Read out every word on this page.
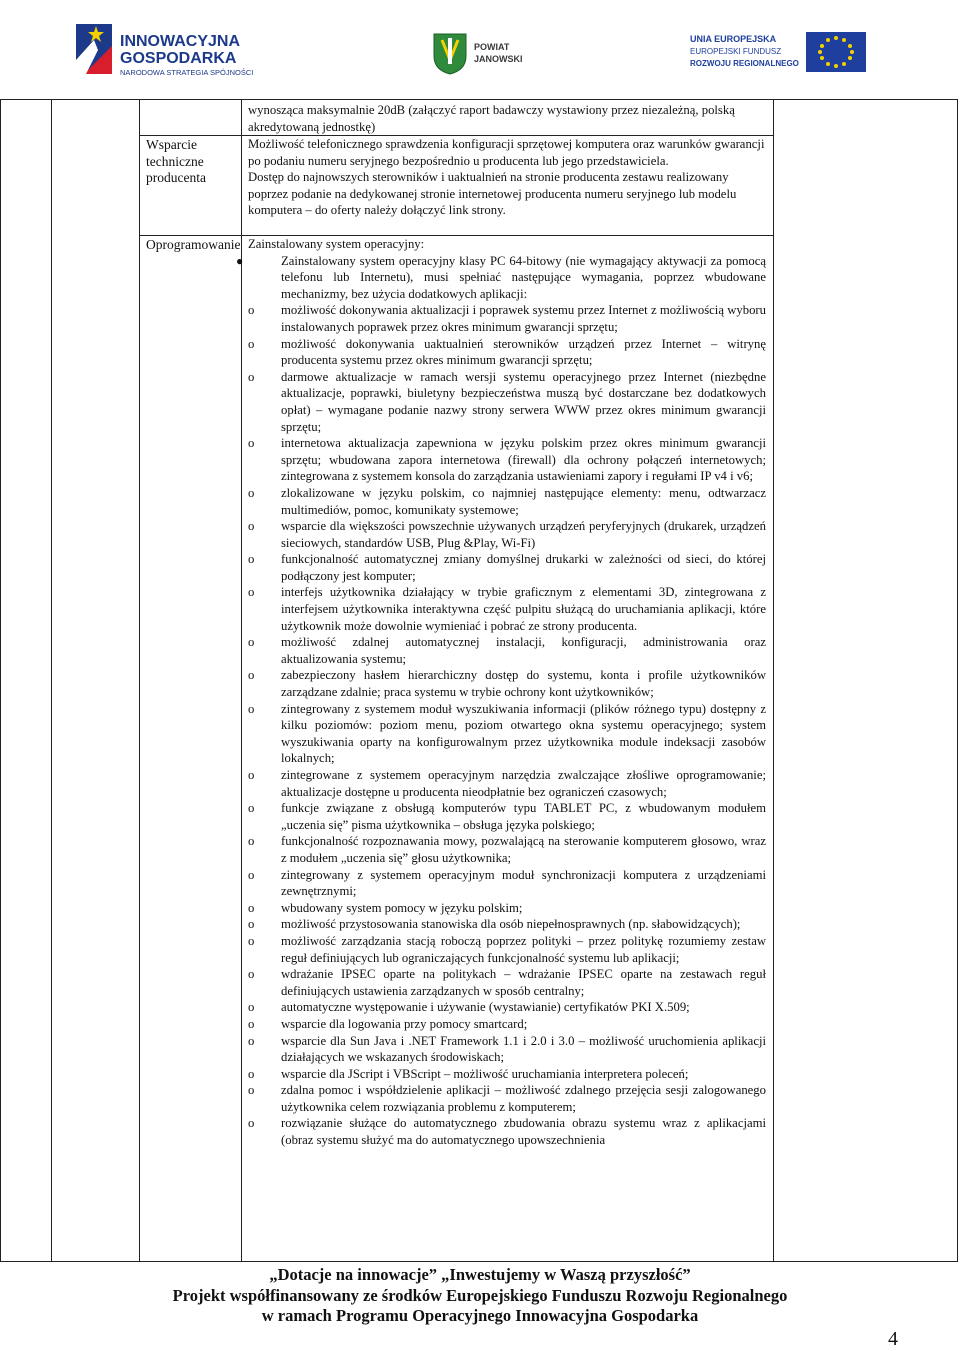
INNOWACYJNA
GOSPODARKA
NARODOWA STRATEGIA SPÓJNOŚCI
POWIAT
JANOWSKI
UNIA EUROPEJSKA
EUROPEJSKI FUNDUSZ
ROZWOJU REGIONALNEGO

wynosząca maksymalnie 20dB (załączyć raport badawczy wystawiony przez niezależną, polską akredytowaną jednostkę)

Wsparcie techniczne producenta

Możliwość telefonicznego sprawdzenia konfiguracji sprzętowej komputera oraz warunków gwarancji po podaniu numeru seryjnego bezpośrednio u producenta lub jego przedstawiciela.

Dostęp do najnowszych sterowników i uaktualnień na stronie producenta zestawu realizowany poprzez podanie na dedykowanej stronie internetowej producenta numeru seryjnego lub modelu komputera – do oferty należy dołączyć link strony.

Oprogramowanie Zainstalowany system operacyjny:

●	Zainstalowany system operacyjny klasy PC 64-bitowy (nie wymagający aktywacji za pomocą telefonu lub Internetu), musi spełniać następujące wymagania, poprzez wbudowane mechanizmy, bez użycia dodatkowych aplikacji:
o możliwość dokonywania aktualizacji i poprawek systemu przez Internet z możliwością wyboru instalowanych poprawek przez okres minimum gwarancji sprzętu;
o możliwość dokonywania uaktualnień sterowników urządzeń przez Internet – witrynę producenta systemu przez okres minimum gwarancji sprzętu;
o darmowe aktualizacje w ramach wersji systemu operacyjnego przez Internet (niezbędne aktualizacje, poprawki, biuletyny bezpieczeństwa muszą być dostarczane bez dodatkowych opłat) – wymagane podanie nazwy strony serwera WWW przez okres minimum gwarancji sprzętu;
o internetowa aktualizacja zapewniona w języku polskim przez okres minimum gwarancji sprzętu; wbudowana zapora internetowa (firewall) dla ochrony połączeń internetowych; zintegrowana z systemem konsola do zarządzania ustawieniami zapory i regułami IP v4 i v6;
o zlokalizowane w języku polskim, co najmniej następujące elementy: menu, odtwarzacz multimediów, pomoc, komunikaty systemowe;
o wsparcie dla większości powszechnie używanych urządzeń peryferyjnych (drukarek, urządzeń sieciowych, standardów USB, Plug &Play, Wi-Fi)
o funkcjonalność automatycznej zmiany domyślnej drukarki w zależności od sieci, do której podłączony jest komputer;
o interfejs użytkownika działający w trybie graficznym z elementami 3D, zintegrowana z interfejsem użytkownika interaktywna część pulpitu służącą do uruchamiania aplikacji, które użytkownik może dowolnie wymieniać i pobrać ze strony producenta.
o możliwość zdalnej automatycznej instalacji, konfiguracji, administrowania oraz aktualizowania systemu;
o zabezpieczony hasłem hierarchiczny dostęp do systemu, konta i profile użytkowników zarządzane zdalnie; praca systemu w trybie ochrony kont użytkowników;
o zintegrowany z systemem moduł wyszukiwania informacji (plików różnego typu) dostępny z kilku poziomów: poziom menu, poziom otwartego okna systemu operacyjnego; system wyszukiwania oparty na konfigurowalnym przez użytkownika module indeksacji zasobów lokalnych;
o zintegrowane z systemem operacyjnym narzędzia zwalczające złośliwe oprogramowanie; aktualizacje dostępne u producenta nieodpłatnie bez ograniczeń czasowych;
o funkcje związane z obsługą komputerów typu TABLET PC, z wbudowanym modułem „uczenia się” pisma użytkownika – obsługa języka polskiego;
o funkcjonalność rozpoznawania mowy, pozwalającą na sterowanie komputerem głosowo, wraz z modułem „uczenia się” głosu użytkownika;
o zintegrowany z systemem operacyjnym moduł synchronizacji komputera z urządzeniami zewnętrznymi;
o wbudowany system pomocy w języku polskim;
o możliwość przystosowania stanowiska dla osób niepełnosprawnych (np. słabowidzących);
o możliwość zarządzania stacją roboczą poprzez polityki – przez politykę rozumiemy zestaw reguł definiujących lub ograniczających funkcjonalność systemu lub aplikacji;
o wdrażanie IPSEC oparte na politykach – wdrażanie IPSEC oparte na zestawach reguł definiujących ustawienia zarządzanych w sposób centralny;
o automatyczne występowanie i używanie (wystawianie) certyfikatów PKI X.509;
o wsparcie dla logowania przy pomocy smartcard;
o wsparcie dla Sun Java i .NET Framework 1.1 i 2.0 i 3.0 – możliwość uruchomienia aplikacji działających we wskazanych środowiskach;
o wsparcie dla JScript i VBScript – możliwość uruchamiania interpretera poleceń;
o zdalna pomoc i współdzielenie aplikacji – możliwość zdalnego przejęcia sesji zalogowanego użytkownika celem rozwiązania problemu z komputerem;
o rozwiązanie służące do automatycznego zbudowania obrazu systemu wraz z aplikacjami (obraz systemu służyć ma do automatycznego upowszechnienia
„Dotacje na innowacje” „Inwestujemy w Waszą przyszłość”
Projekt współfinansowany ze środków Europejskiego Funduszu Rozwoju Regionalnego
w ramach Programu Operacyjnego Innowacyjna Gospodarka
4
